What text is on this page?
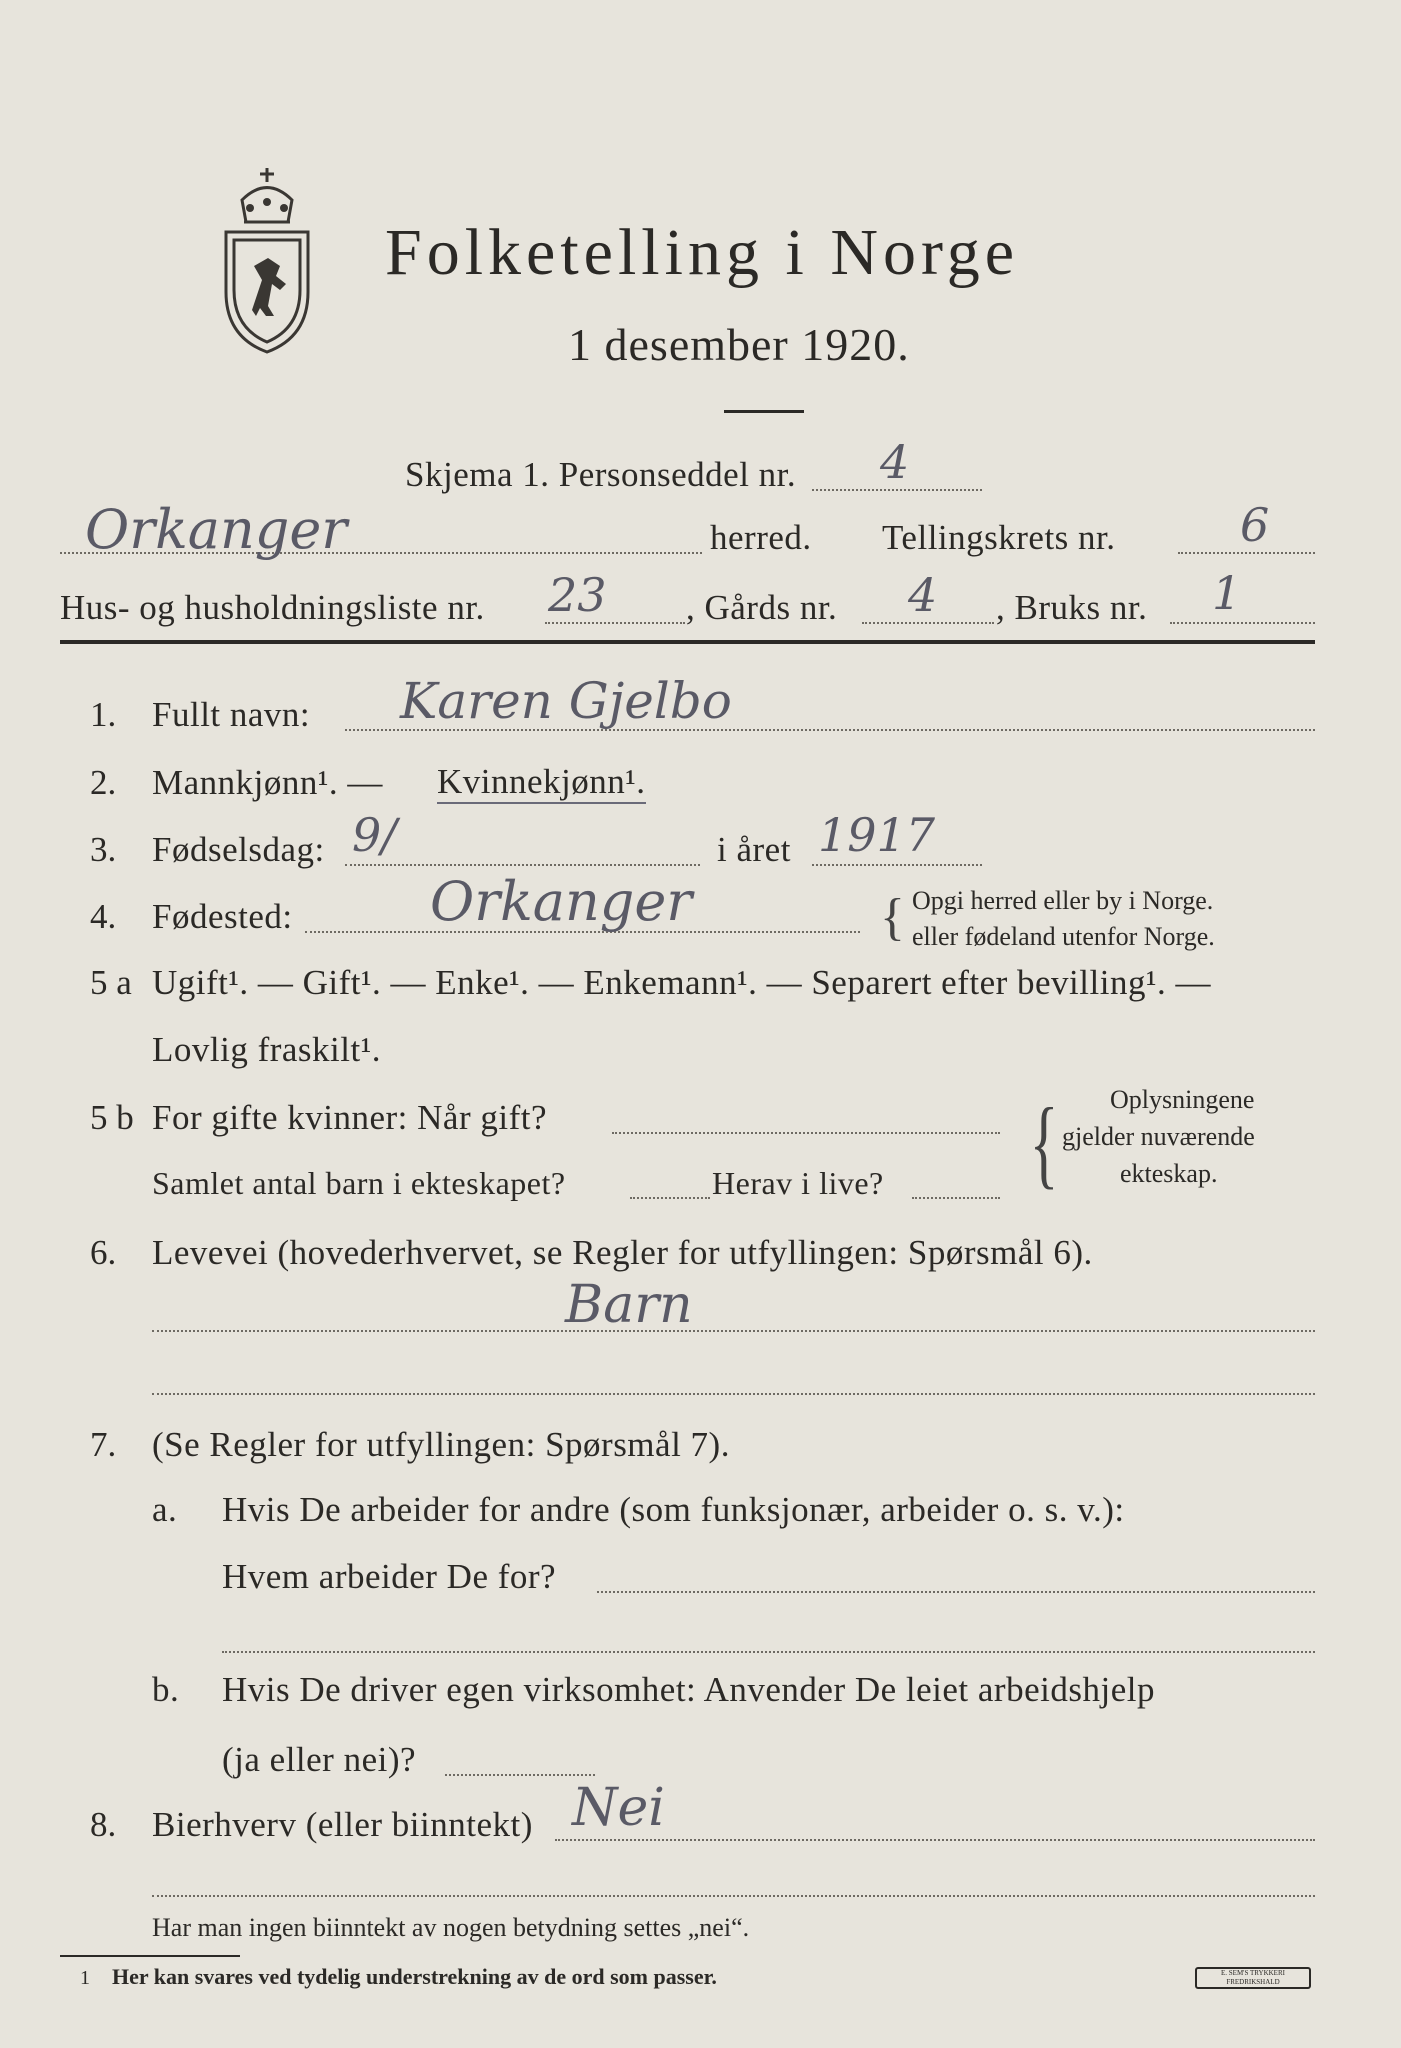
Folketelling i Norge
1 desember 1920.
Skjema 1. Personseddel nr. 4
Orkanger	herred. Tellingskrets nr.	6
Hus- og husholdningsliste nr. 23 , Gårds nr. 4 , Bruks nr. 1
1. Fullt navn: Karen Gjelbo
2. Mannkjønn¹. — Kvinnekjønn¹.
3. Fødselsdag: 9/	i året 1917
4. Fødested:	Orkanger	{ Opgi herred eller by i Norge.
eller fødeland utenfor Norge.
5 a Ugift¹. — Gift¹. — Enke¹. — Enkemann¹. — Separert efter bevilling¹. —
Lovlig fraskilt¹.
5 b For gifte kvinner: Når gift?
Samlet antal barn i ekteskapet?	Herav i live? { Oplysningene
gjelder nuværende
ekteskap.
6. Levevei (hovederhvervet, se Regler for utfyllingen: Spørsmål 6).
Barn
7. (Se Regler for utfyllingen: Spørsmål 7).
a. Hvis De arbeider for andre (som funksjonær, arbeider o. s. v.):
Hvem arbeider De for?
b. Hvis De driver egen virksomhet: Anvender De leiet arbeidshjelp
(ja eller nei)?
8. Bierhverv (eller biinntekt) Nei
Har man ingen biinntekt av nogen betydning settes „nei“.
1 Her kan svares ved tydelig understrekning av de ord som passer.	E. SEM'S TRYKKERI FREDRIKSHALD
